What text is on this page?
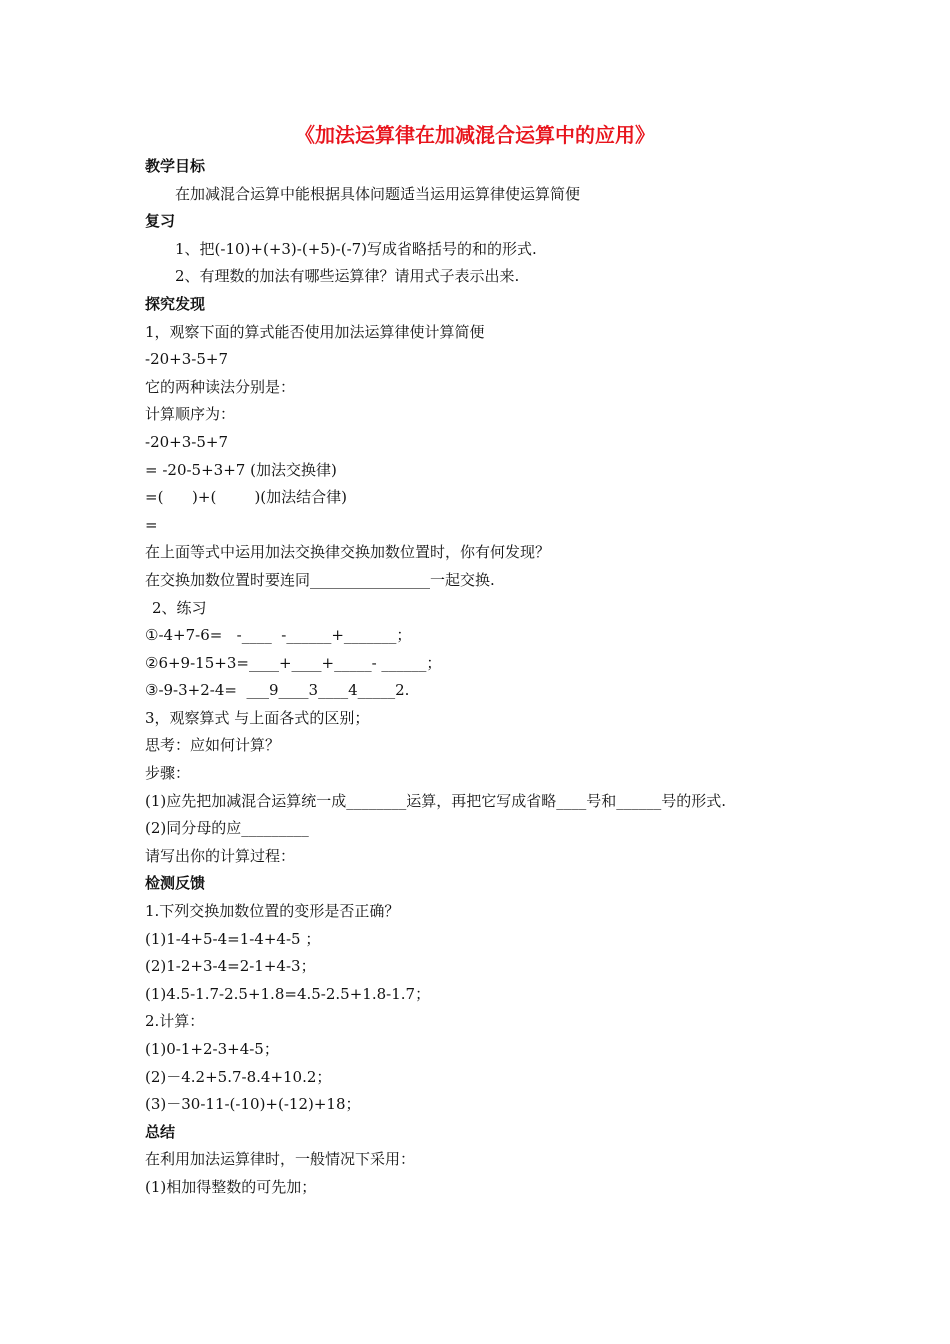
《加法运算律在加减混合运算中的应用》
教学目标
在加减混合运算中能根据具体问题适当运用运算律使运算简便
复习
1、把(-10)+(+3)-(+5)-(-7)写成省略括号的和的形式.
2、有理数的加法有哪些运算律？请用式子表示出来.
探究发现
1，观察下面的算式能否使用加法运算律使计算简便
-20+3-5+7
它的两种读法分别是：
计算顺序为：
-20+3-5+7
= -20-5+3+7 (加法交换律)
=(      )+(        )(加法结合律)
=
在上面等式中运用加法交换律交换加数位置时，你有何发现？
在交换加数位置时要连同________________一起交换.
2、练习
①-4+7-6=   -____  -______+_______；
②6+9-15+3=____+____+_____- ______；
③-9-3+2-4=  ___9____3____4_____2.
3，观察算式 与上面各式的区别；
思考：应如何计算？
步骤：
(1)应先把加减混合运算统一成________运算，再把它写成省略____号和______号的形式.
(2)同分母的应_________
请写出你的计算过程：
检测反馈
1.下列交换加数位置的变形是否正确？
(1)1-4+5-4=1-4+4-5 ；
(2)1-2+3-4=2-1+4-3；
(1)4.5-1.7-2.5+1.8=4.5-2.5+1.8-1.7；
2.计算：
(1)0-1+2-3+4-5；
(2)－4.2+5.7-8.4+10.2；
(3)－30-11-(-10)+(-12)+18；
总结
在利用加法运算律时，一般情况下采用：
(1)相加得整数的可先加；
